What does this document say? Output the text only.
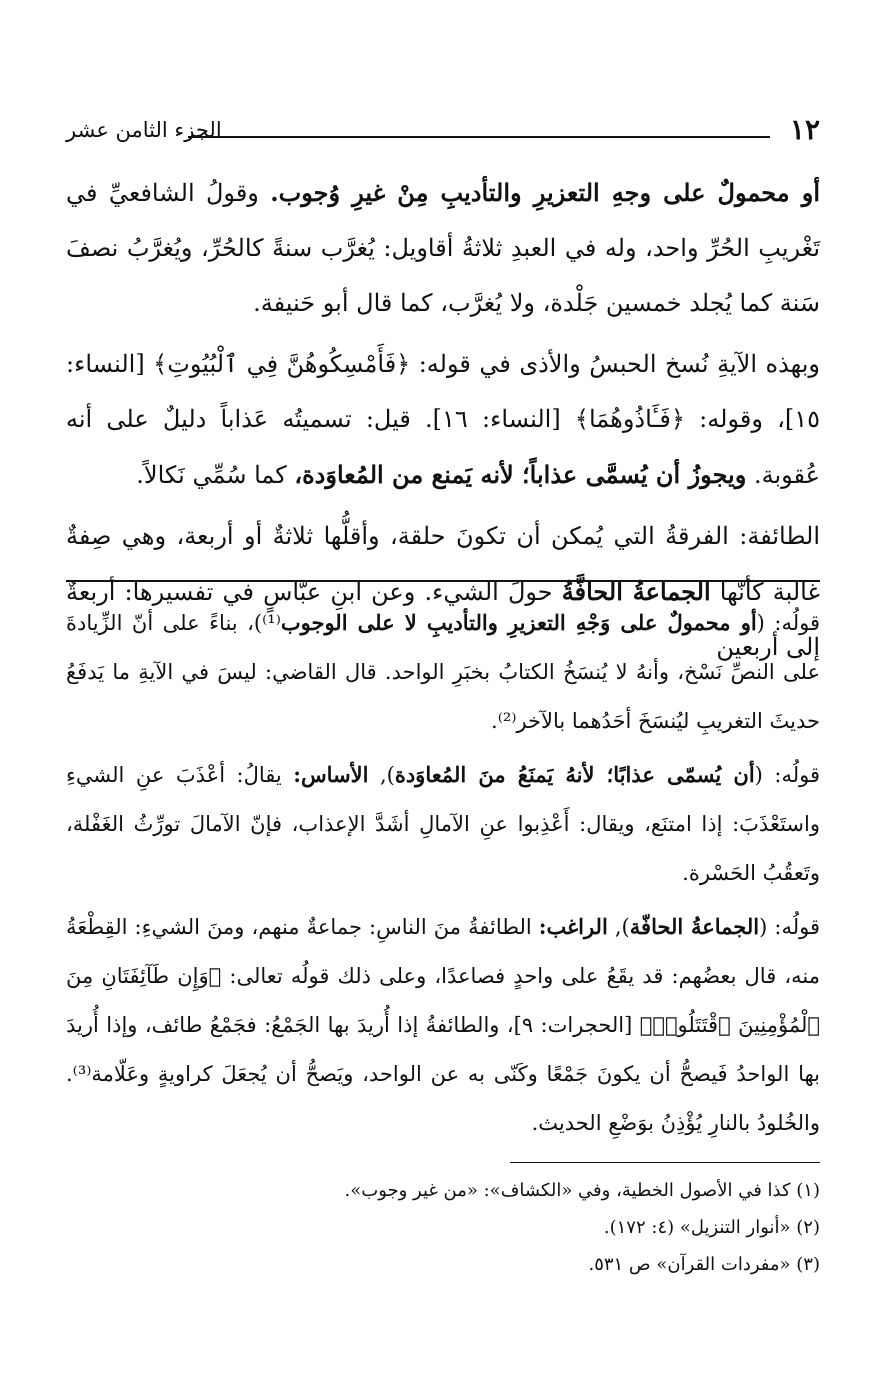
١٢
الجزء الثامن عشر

أو محمولٌ على وجهِ التعزيرِ والتأديبِ مِنْ غيرِ وُجوب. وقولُ الشافعيِّ في تَغْريبِ الحُرِّ واحد، وله في العبدِ ثلاثةُ أقاويل: يُغرَّب سنةً كالحُرِّ، ويُغرَّبُ نصفَ سَنة كما يُجلد خمسين جَلْدة، ولا يُغرَّب، كما قال أبو حَنيفة.

وبهذه الآيةِ نُسخ الحبسُ والأذى في قوله: ﴿فَأَمْسِكُوهُنَّ فِي ٱلْبُيُوتِ﴾ [النساء: ١٥]، وقوله: ﴿فَـَٔاذُوهُمَا﴾ [النساء: ١٦]. قيل: تسميتُه عَذاباً دليلٌ على أنه عُقوبة. ويجوزُ أن يُسمَّى عذاباً؛ لأنه يَمنع من المُعاوَدة، كما سُمِّي نَكالاً.

الطائفة: الفرقةُ التي يُمكن أن تكونَ حلقة، وأقلُّها ثلاثةٌ أو أربعة، وهي صِفةٌ غالبة كأنّها الجماعةُ الحافَّةُ حولَ الشيء. وعن ابنِ عبّاسٍ في تفسيرها: أربعةٌ إلى أربعين

قولُه: (أو محمولٌ على وَجْهِ التعزيرِ والتأديبِ لا على الوجوب⁽¹⁾)، بناءً على أنّ الزِّيادةَ على النصِّ نَسْخ، وأنهُ لا يُنسَخُ الكتابُ بخبَرِ الواحد. قال القاضي: ليسَ في الآيةِ ما يَدفَعُ حديثَ التغريبِ ليُنسَخَ أحَدُهما بالآخر⁽²⁾.

قولُه: (أن يُسمّى عذابًا؛ لأنهُ يَمنَعُ منَ المُعاوَدة), الأساس: يقالُ: أعْذَبَ عنِ الشيءِ واستَعْذَبَ: إذا امتنَع، ويقال: أَعْذِبوا عنِ الآمالِ أشَدَّ الإعذاب، فإنّ الآمالَ تورِّثُ الغَفْلة، وتَعقُبُ الحَسْرة.

قولُه: (الجماعةُ الحافّة), الراغب: الطائفةُ منَ الناسِ: جماعةٌ منهم، ومنَ الشيءِ: القِطْعَةُ منه، قال بعضُهم: قد يقَعُ على واحدٍ فصاعدًا، وعلى ذلك قولُه تعالى: ﴿وَإِن طَآئِفَتَانِ مِنَ ٱلْمُؤْمِنِينَ ٱقْتَتَلُوا۟﴾ [الحجرات: ٩]، والطائفةُ إذا أُريدَ بها الجَمْعُ: فجَمْعُ طائف، وإذا أُريدَ بها الواحدُ فَيصحُّ أن يكونَ جَمْعًا وكَنّى به عن الواحد، ويَصحُّ أن يُجعَلَ كراويةٍ وعَلّامة⁽³⁾. والخُلودُ بالنارِ يُؤْذِنُ بوَضْعِ الحديث.

(١) كذا في الأصول الخطية، وفي «الكشاف»: «من غير وجوب».

(٢) «أنوار التنزيل» (٤: ١٧٢).

(٣) «مفردات القرآن» ص ٥٣١.
